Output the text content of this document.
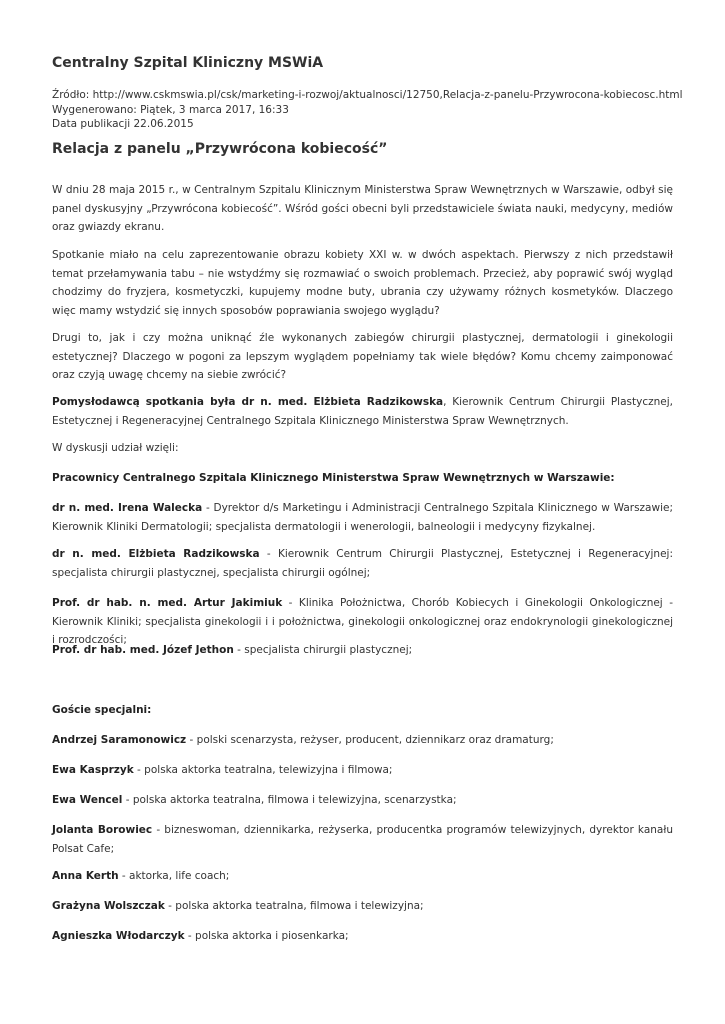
Centralny Szpital Kliniczny MSWiA
Źródło: http://www.cskmswia.pl/csk/marketing-i-rozwoj/aktualnosci/12750,Relacja-z-panelu-Przywrocona-kobiecosc.html
Wygenerowano: Piątek, 3 marca 2017, 16:33
Data publikacji 22.06.2015
Relacja z panelu „Przywrócona kobiecość”

W dniu 28 maja 2015 r., w Centralnym Szpitalu Klinicznym Ministerstwa Spraw Wewnętrznych w Warszawie, odbył się panel dyskusyjny „Przywrócona kobiecość”. Wśród gości obecni byli przedstawiciele świata nauki, medycyny, mediów oraz gwiazdy ekranu.

Spotkanie miało na celu zaprezentowanie obrazu kobiety XXI w. w dwóch aspektach. Pierwszy z nich przedstawił temat przełamywania tabu – nie wstydźmy się rozmawiać o swoich problemach. Przecież, aby poprawić swój wygląd chodzimy do fryzjera, kosmetyczki, kupujemy modne buty, ubrania czy używamy różnych kosmetyków. Dlaczego więc mamy wstydzić się innych sposobów poprawiania swojego wyglądu?

Drugi to, jak i czy można uniknąć źle wykonanych zabiegów chirurgii plastycznej, dermatologii i ginekologii estetycznej? Dlaczego w pogoni za lepszym wyglądem popełniamy tak wiele błędów? Komu chcemy zaimponować oraz czyją uwagę chcemy na siebie zwrócić?

Pomysłodawcą spotkania była dr n. med. Elżbieta Radzikowska, Kierownik Centrum Chirurgii Plastycznej, Estetycznej i Regeneracyjnej Centralnego Szpitala Klinicznego Ministerstwa Spraw Wewnętrznych.

W dyskusji udział wzięli:

Pracownicy Centralnego Szpitala Klinicznego Ministerstwa Spraw Wewnętrznych w Warszawie:

dr n. med. Irena Walecka - Dyrektor d/s Marketingu i Administracji Centralnego Szpitala Klinicznego w Warszawie; Kierownik Kliniki Dermatologii; specjalista dermatologii i wenerologii, balneologii i medycyny fizykalnej.

dr n. med. Elżbieta Radzikowska - Kierownik Centrum Chirurgii Plastycznej, Estetycznej i Regeneracyjnej: specjalista chirurgii plastycznej, specjalista chirurgii ogólnej;

Prof. dr hab. n. med. Artur Jakimiuk - Klinika Położnictwa, Chorób Kobiecych i Ginekologii Onkologicznej - Kierownik Kliniki; specjalista ginekologii i i położnictwa, ginekologii onkologicznej oraz endokrynologii ginekologicznej i rozrodczości;

Prof. dr hab. med. Józef Jethon - specjalista chirurgii plastycznej;

Goście specjalni:

Andrzej Saramonowicz - polski scenarzysta, reżyser, producent, dziennikarz oraz dramaturg;

Ewa Kasprzyk - polska aktorka teatralna, telewizyjna i filmowa;

Ewa Wencel - polska aktorka teatralna, filmowa i telewizyjna, scenarzystka;

Jolanta Borowiec - bizneswoman, dziennikarka, reżyserka, producentka programów telewizyjnych, dyrektor kanału Polsat Cafe;

Anna Kerth - aktorka, life coach;

Grażyna Wolszczak - polska aktorka teatralna, filmowa i telewizyjna;

Agnieszka Włodarczyk - polska aktorka i piosenkarka;
